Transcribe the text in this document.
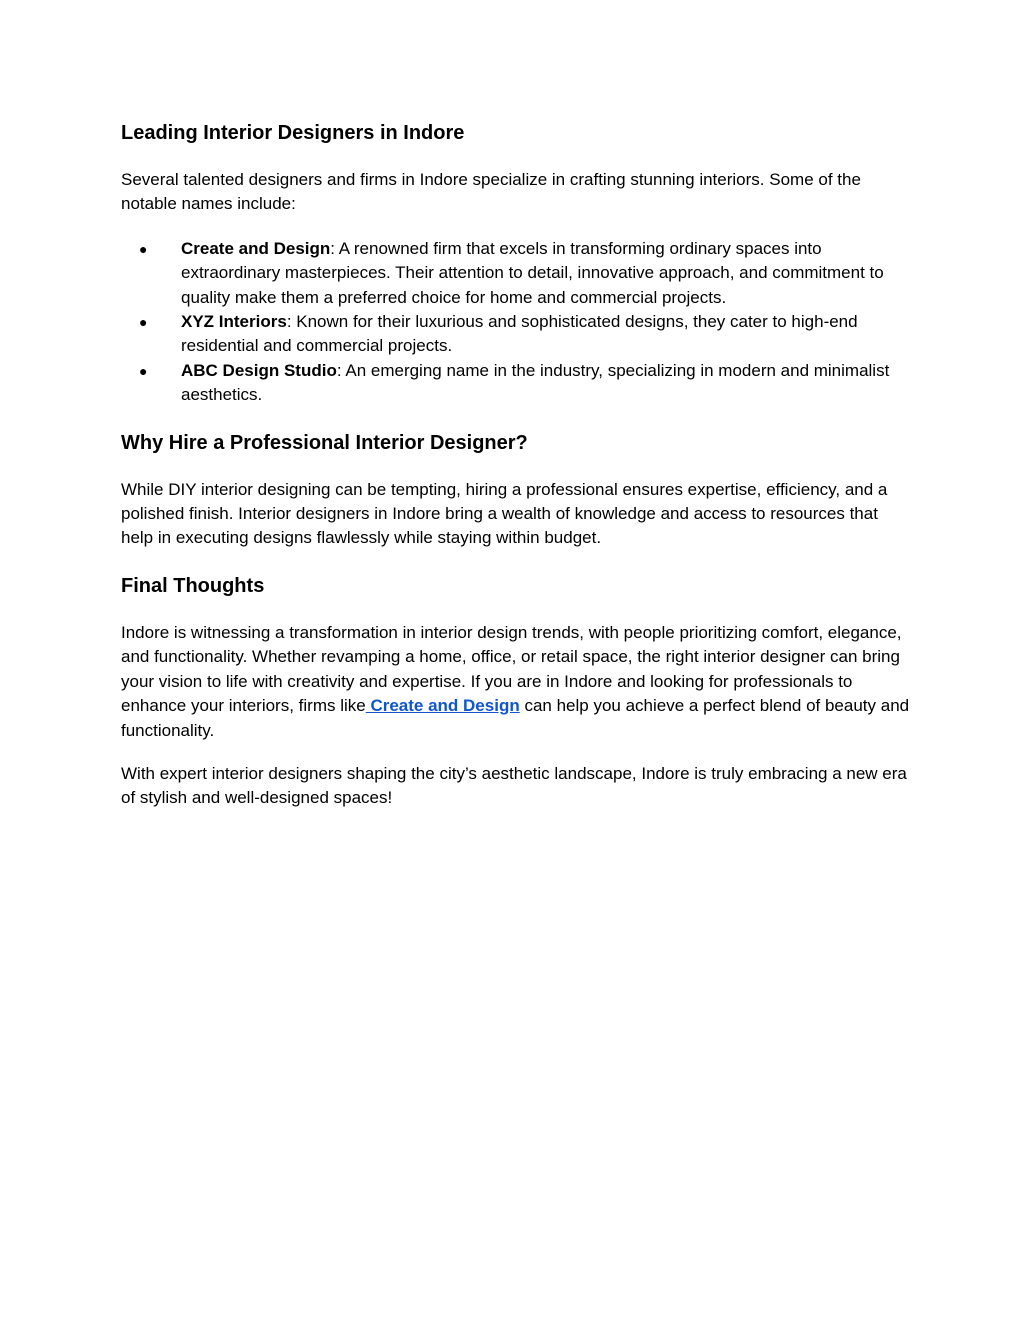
Leading Interior Designers in Indore

Several talented designers and firms in Indore specialize in crafting stunning interiors. Some of the notable names include:

● Create and Design: A renowned firm that excels in transforming ordinary spaces into extraordinary masterpieces. Their attention to detail, innovative approach, and commitment to quality make them a preferred choice for home and commercial projects.
● XYZ Interiors: Known for their luxurious and sophisticated designs, they cater to high-end residential and commercial projects.
● ABC Design Studio: An emerging name in the industry, specializing in modern and minimalist aesthetics.
Why Hire a Professional Interior Designer?

While DIY interior designing can be tempting, hiring a professional ensures expertise, efficiency, and a polished finish. Interior designers in Indore bring a wealth of knowledge and access to resources that help in executing designs flawlessly while staying within budget.

Final Thoughts

Indore is witnessing a transformation in interior design trends, with people prioritizing comfort, elegance, and functionality. Whether revamping a home, office, or retail space, the right interior designer can bring your vision to life with creativity and expertise. If you are in Indore and looking for professionals to enhance your interiors, firms like Create and Design can help you achieve a perfect blend of beauty and functionality.

With expert interior designers shaping the city’s aesthetic landscape, Indore is truly embracing a new era of stylish and well-designed spaces!
